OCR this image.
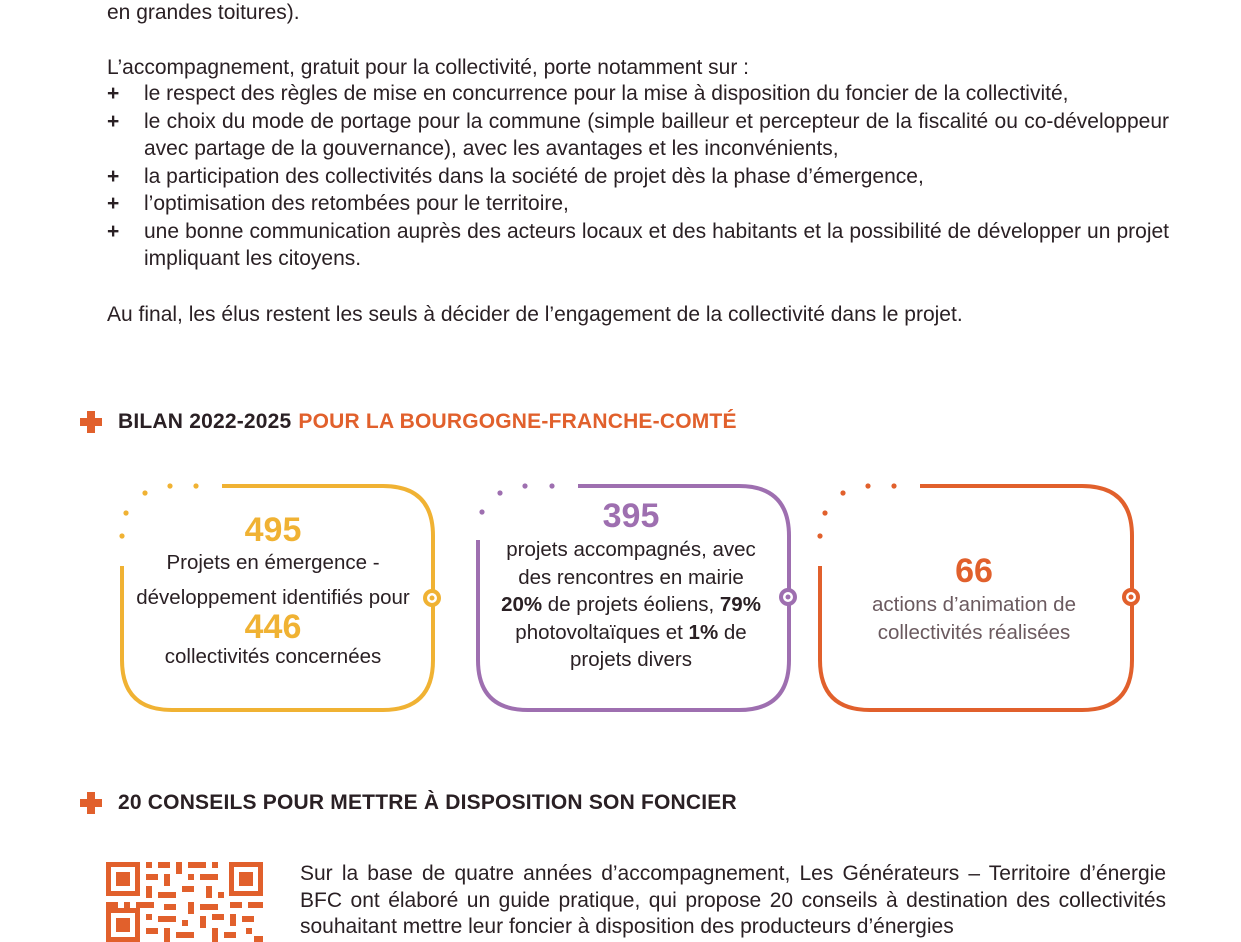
en grandes toitures).
L’accompagnement, gratuit pour la collectivité, porte notamment sur :
+ le respect des règles de mise en concurrence pour la mise à disposition du foncier de la collectivité,
+ le choix du mode de portage pour la commune (simple bailleur et percepteur de la fiscalité ou co-développeur avec partage de la gouvernance), avec les avantages et les inconvénients,
+ la participation des collectivités dans la société de projet dès la phase d’émergence,
+ l’optimisation des retombées pour le territoire,
+ une bonne communication auprès des acteurs locaux et des habitants et la possibilité de développer un projet impliquant les citoyens.
Au final, les élus restent les seuls à décider de l’engagement de la collectivité dans le projet.
BILAN 2022-2025 POUR LA BOURGOGNE-FRANCHE-COMTÉ
495
Projets en émergence -
développement identifiés pour
446
collectivités concernées
395
projets accompagnés, avec
des rencontres en mairie
20% de projets éoliens, 79%
photovoltaïques et 1% de
projets divers
66
actions d’animation de
collectivités réalisées
20 CONSEILS POUR METTRE À DISPOSITION SON FONCIER
Sur la base de quatre années d’accompagnement, Les Générateurs – Territoire d’énergie BFC ont élaboré un guide pratique, qui propose 20 conseils à destination des collectivités souhaitant mettre leur foncier à disposition des producteurs d’énergies
